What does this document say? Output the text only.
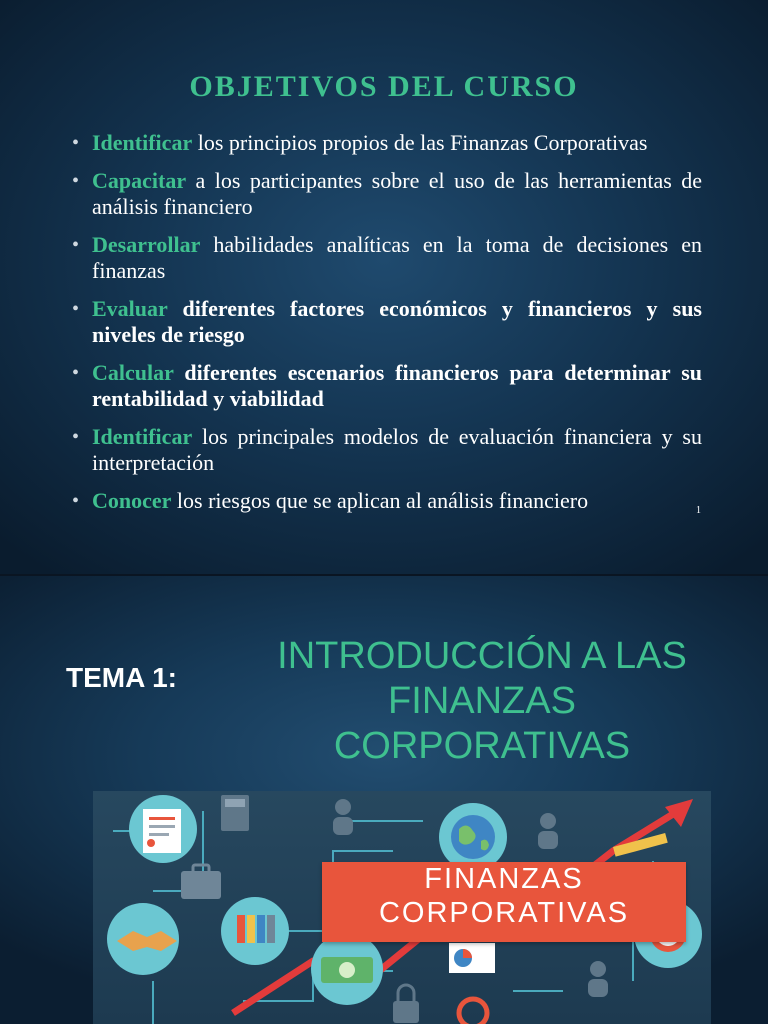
OBJETIVOS DEL CURSO
• Identificar los principios propios de las Finanzas Corporativas
• Capacitar a los participantes sobre el uso de las herramientas de análisis financiero
• Desarrollar habilidades analíticas en la toma de decisiones en finanzas
• Evaluar diferentes factores económicos y financieros y sus niveles de riesgo
• Calcular diferentes escenarios financieros para determinar su rentabilidad y viabilidad
• Identificar los principales modelos de evaluación financiera y su interpretación
• Conocer los riesgos que se aplican al análisis financiero	1
TEMA 1:
INTRODUCCIÓN A LAS
FINANZAS
CORPORATIVAS
FINANZAS
CORPORATIVAS
